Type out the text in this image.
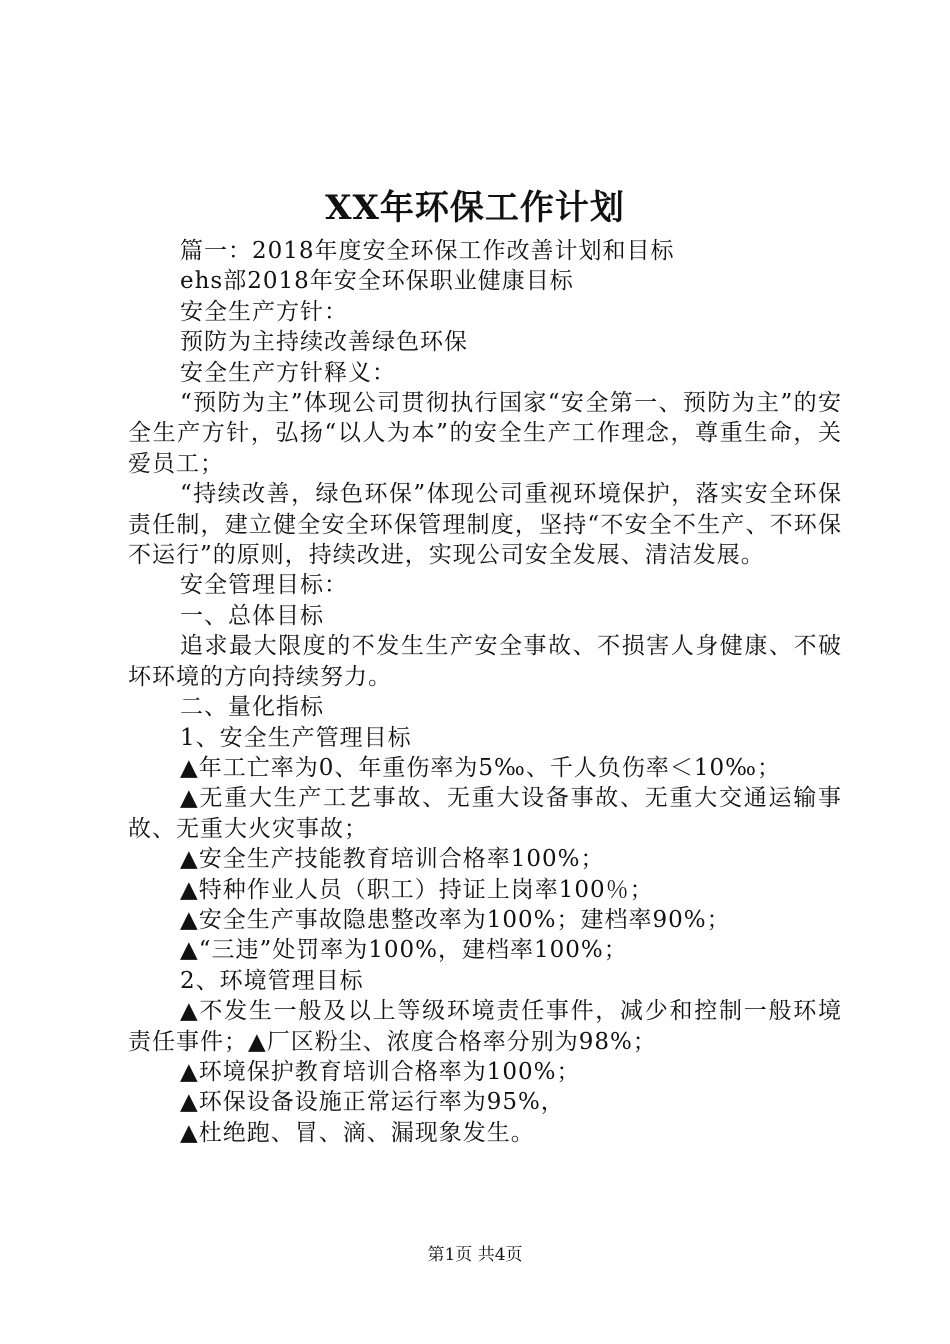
XX年环保工作计划

篇一：2018年度安全环保工作改善计划和目标

ehs部2018年安全环保职业健康目标

安全生产方针：

预防为主持续改善绿色环保

安全生产方针释义：

“预防为主”体现公司贯彻执行国家“安全第一、预防为主”的安全生产方针，弘扬“以人为本”的安全生产工作理念，尊重生命，关爱员工；

“持续改善，绿色环保”体现公司重视环境保护，落实安全环保责任制，建立健全安全环保管理制度，坚持“不安全不生产、不环保不运行”的原则，持续改进，实现公司安全发展、清洁发展。

安全管理目标：

一、总体目标

追求最大限度的不发生生产安全事故、不损害人身健康、不破坏环境的方向持续努力。

二、量化指标

1、安全生产管理目标

▲年工亡率为0、年重伤率为5‰、千人负伤率＜10‰；

▲无重大生产工艺事故、无重大设备事故、无重大交通运输事故、无重大火灾事故；

▲安全生产技能教育培训合格率100%；

▲特种作业人员（职工）持证上岗率100％；

▲安全生产事故隐患整改率为100%；建档率90%；

▲“三违”处罚率为100%，建档率100%；

2、环境管理目标

▲不发生一般及以上等级环境责任事件，减少和控制一般环境责任事件；▲厂区粉尘、浓度合格率分别为98%；

▲环境保护教育培训合格率为100%；

▲环保设备设施正常运行率为95%，

▲杜绝跑、冒、滴、漏现象发生。

第1页 共4页
